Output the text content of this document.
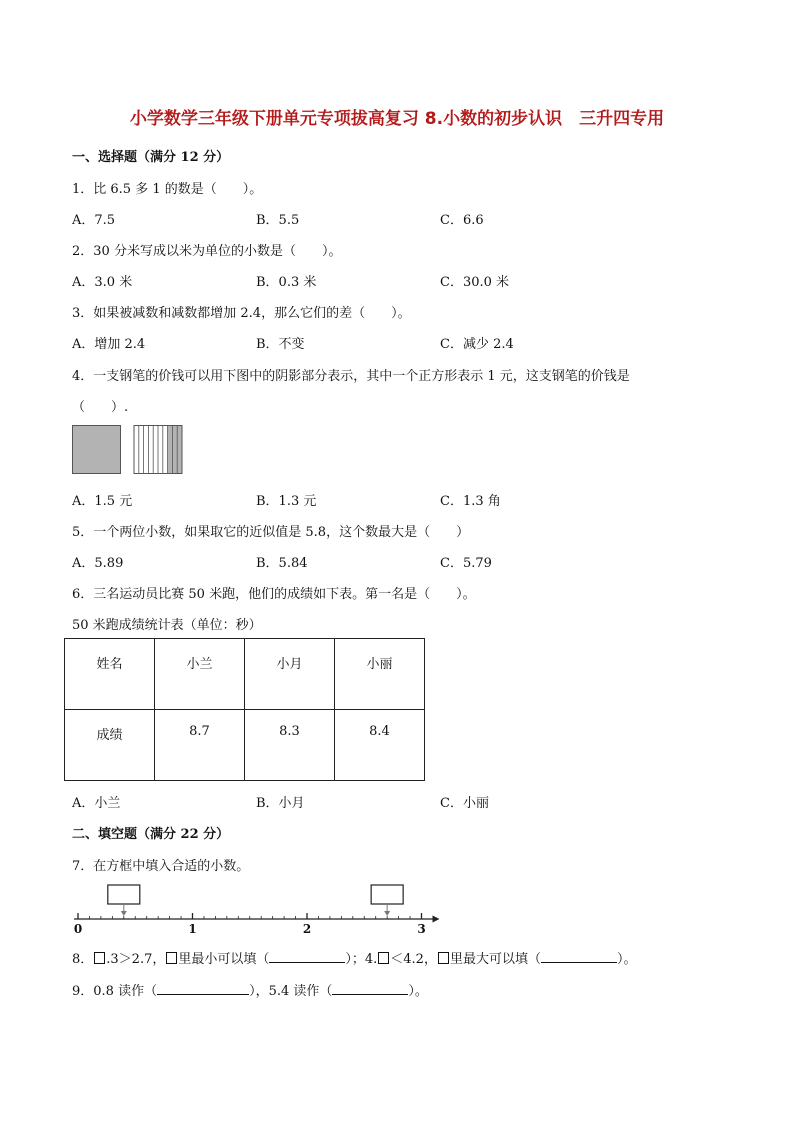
小学数学三年级下册单元专项拔高复习 8.小数的初步认识　三升四专用
一、选择题（满分 12 分）
1．比 6.5 多 1 的数是（　　）。
A．7.5	B．5.5	C．6.6
2．30 分米写成以米为单位的小数是（　　）。
A．3.0 米	B．0.3 米	C．30.0 米
3．如果被减数和减数都增加 2.4，那么它们的差（　　）。
A．增加 2.4	B．不变	C．减少 2.4
4．一支钢笔的价钱可以用下图中的阴影部分表示，其中一个正方形表示 1 元，这支钢笔的价钱是
（　　）.
A．1.5 元	B．1.3 元	C．1.3 角
5．一个两位小数，如果取它的近似值是 5.8，这个数最大是（　　）
A．5.89	B．5.84	C．5.79
6．三名运动员比赛 50 米跑，他们的成绩如下表。第一名是（　　）。
50 米跑成绩统计表（单位：秒）
姓名	小兰	小月	小丽
成绩	8.7	8.3	8.4
A．小兰	B．小月	C．小丽
二、填空题（满分 22 分）
7．在方框中填入合适的小数。
0	1	2	3
8． .3＞2.7， 里最小可以填（	）；4. ＜4.2， 里最大可以填（	）。
9．0.8 读作（	），5.4 读作（	）。
